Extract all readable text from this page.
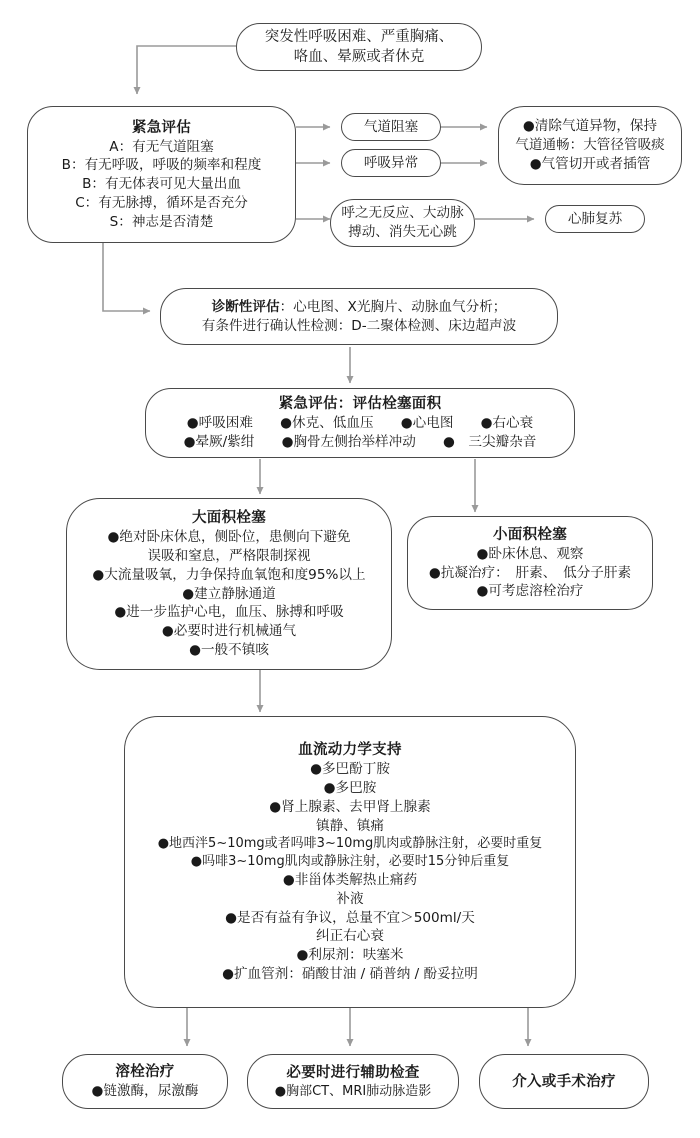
突发性呼吸困难、严重胸痛、
咯血、晕厥或者休克
紧急评估
A：有无气道阻塞
B：有无呼吸，呼吸的频率和程度
B：有无体表可见大量出血
C：有无脉搏，循环是否充分
S：神志是否清楚
气道阻塞
呼吸异常
●清除气道异物，保持
气道通畅：大管径管吸痰
●气管切开或者插管
呼之无反应、大动脉
搏动、消失无心跳
心肺复苏
诊断性评估：心电图、X光胸片、动脉血气分析；
有条件进行确认性检测：D-二聚体检测、床边超声波
紧急评估：评估栓塞面积
●呼吸困难　　●休克、低血压　　●心电图　　●右心衰
●晕厥/紫绀　　●胸骨左侧抬举样冲动　　●　三尖瓣杂音
大面积栓塞
●绝对卧床休息，侧卧位，患侧向下避免
误吸和窒息，严格限制探视
●大流量吸氧，力争保持血氧饱和度95%以上
●建立静脉通道
●进一步监护心电，血压、脉搏和呼吸
●必要时进行机械通气
●一般不镇咳
小面积栓塞
●卧床休息、观察
●抗凝治疗：　肝素、　低分子肝素
●可考虑溶栓治疗
血流动力学支持
●多巴酚丁胺
●多巴胺
●肾上腺素、去甲肾上腺素
镇静、镇痛
●地西泮5~10mg或者吗啡3~10mg肌肉或静脉注射，必要时重复
●吗啡3~10mg肌肉或静脉注射，必要时15分钟后重复
●非甾体类解热止痛药
补液
●是否有益有争议，总量不宜＞500ml/天
纠正右心衰
●利尿剂：呋塞米
●扩血管剂：硝酸甘油 / 硝普纳 / 酚妥拉明
溶栓治疗
●链激酶，尿激酶
必要时进行辅助检查
●胸部CT、MRI肺动脉造影
介入或手术治疗
